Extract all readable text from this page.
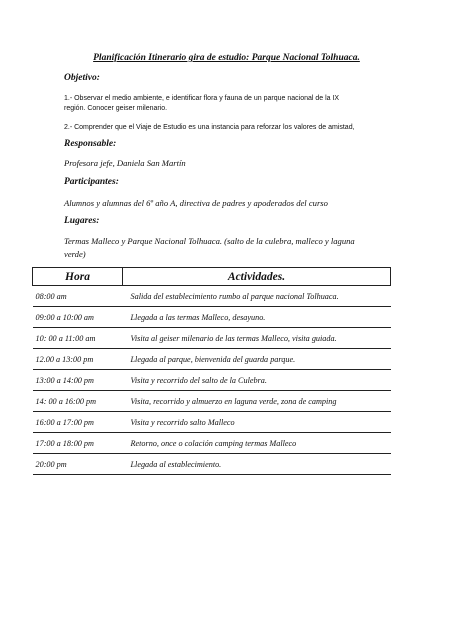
Planificación Itinerario gira de estudio: Parque Nacional Tolhuaca.
Objetivo:
1.- Observar el medio ambiente, e identificar flora y fauna de un parque nacional de la IX
región. Conocer geiser milenario.
2.- Comprender que el Viaje de Estudio es una instancia para reforzar los valores de amistad,
Responsable:
Profesora jefe, Daniela San Martín
Participantes:
Alumnos y alumnas del 6º año A, directiva de padres y apoderados del curso
Lugares:
Termas Malleco y Parque Nacional Tolhuaca. (salto de la culebra, malleco y laguna
verde)
Hora	Actividades.
08:00 am	Salida del establecimiento rumbo al parque nacional Tolhuaca.
09:00 a 10:00 am	Llegada a las termas Malleco, desayuno.
10: 00 a 11:00 am	Visita al geiser milenario de las termas Malleco, visita guiada.
12.00 a 13:00 pm	Llegada al parque, bienvenida del guarda parque.
13:00 a 14:00 pm	Visita y recorrido del salto de la Culebra.
14: 00 a 16:00 pm	Visita, recorrido y almuerzo en laguna verde, zona de camping
16:00 a 17:00 pm	Visita y recorrido salto Malleco
17:00 a 18:00 pm	Retorno, once o colación camping termas Malleco
20:00 pm	Llegada al establecimiento.
